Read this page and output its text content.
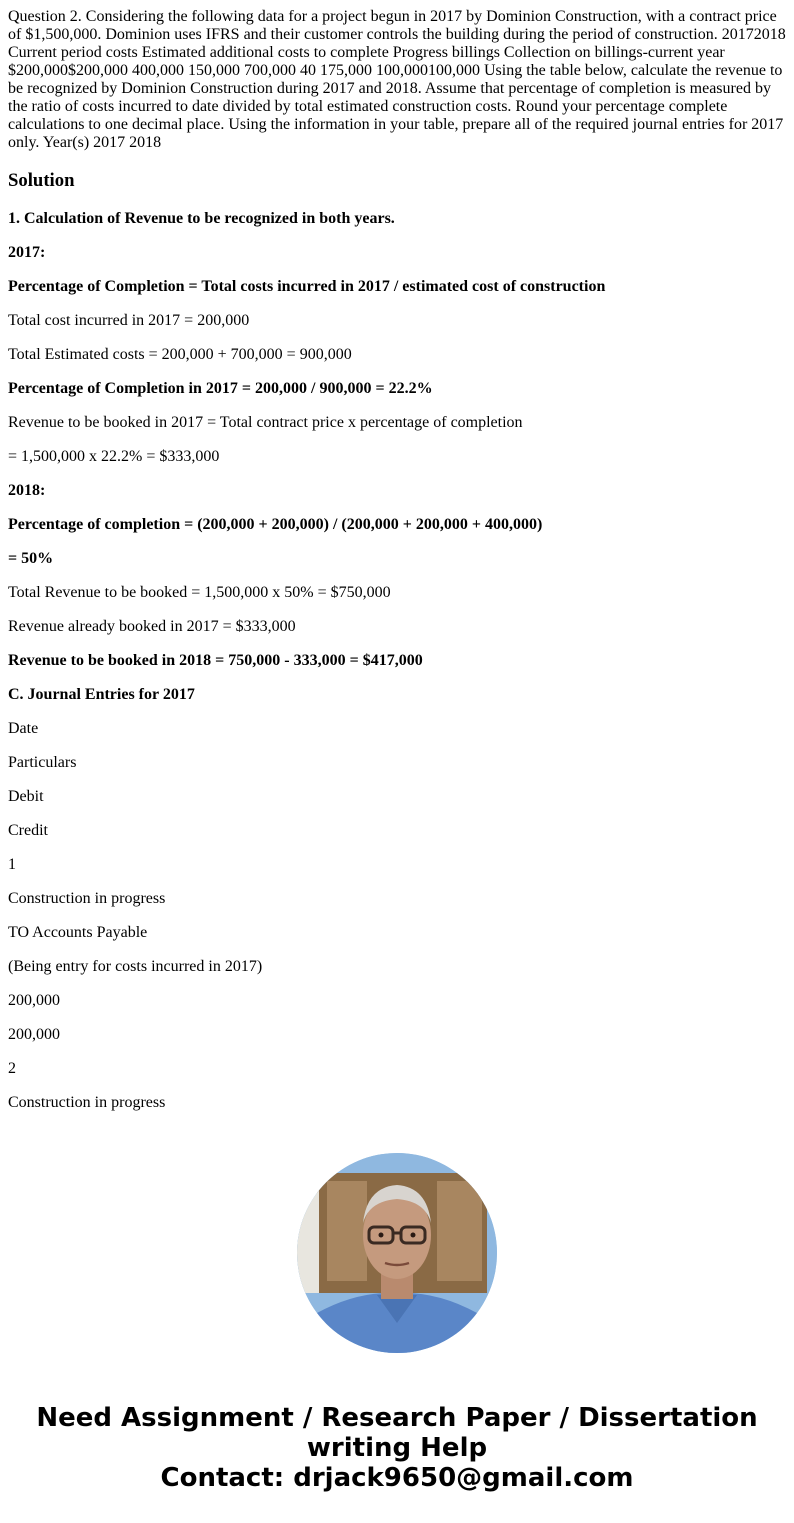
Question 2. Considering the following data for a project begun in 2017 by Dominion Construction, with a contract price of $1,500,000. Dominion uses IFRS and their customer controls the building during the period of construction. 20172018 Current period costs Estimated additional costs to complete Progress billings Collection on billings-current year $200,000$200,000 400,000 150,000 700,000 40 175,000 100,000100,000 Using the table below, calculate the revenue to be recognized by Dominion Construction during 2017 and 2018. Assume that percentage of completion is measured by the ratio of costs incurred to date divided by total estimated construction costs. Round your percentage complete calculations to one decimal place. Using the information in your table, prepare all of the required journal entries for 2017 only. Year(s) 2017 2018
Solution
1. Calculation of Revenue to be recognized in both years.
2017:
Percentage of Completion = Total costs incurred in 2017 / estimated cost of construction
Total cost incurred in 2017 = 200,000
Total Estimated costs = 200,000 + 700,000 = 900,000
Percentage of Completion in 2017 = 200,000 / 900,000 = 22.2%
Revenue to be booked in 2017 = Total contract price x percentage of completion
= 1,500,000 x 22.2% = $333,000
2018:
Percentage of completion = (200,000 + 200,000) / (200,000 + 200,000 + 400,000)
= 50%
Total Revenue to be booked = 1,500,000 x 50% = $750,000
Revenue already booked in 2017 = $333,000
Revenue to be booked in 2018 = 750,000 - 333,000 = $417,000
C. Journal Entries for 2017
Date
Particulars
Debit
Credit
1
Construction in progress
TO Accounts Payable
(Being entry for costs incurred in 2017)
200,000
200,000
2
Construction in progress
Need Assignment / Research Paper / Dissertation
writing Help
Contact: drjack9650@gmail.com
